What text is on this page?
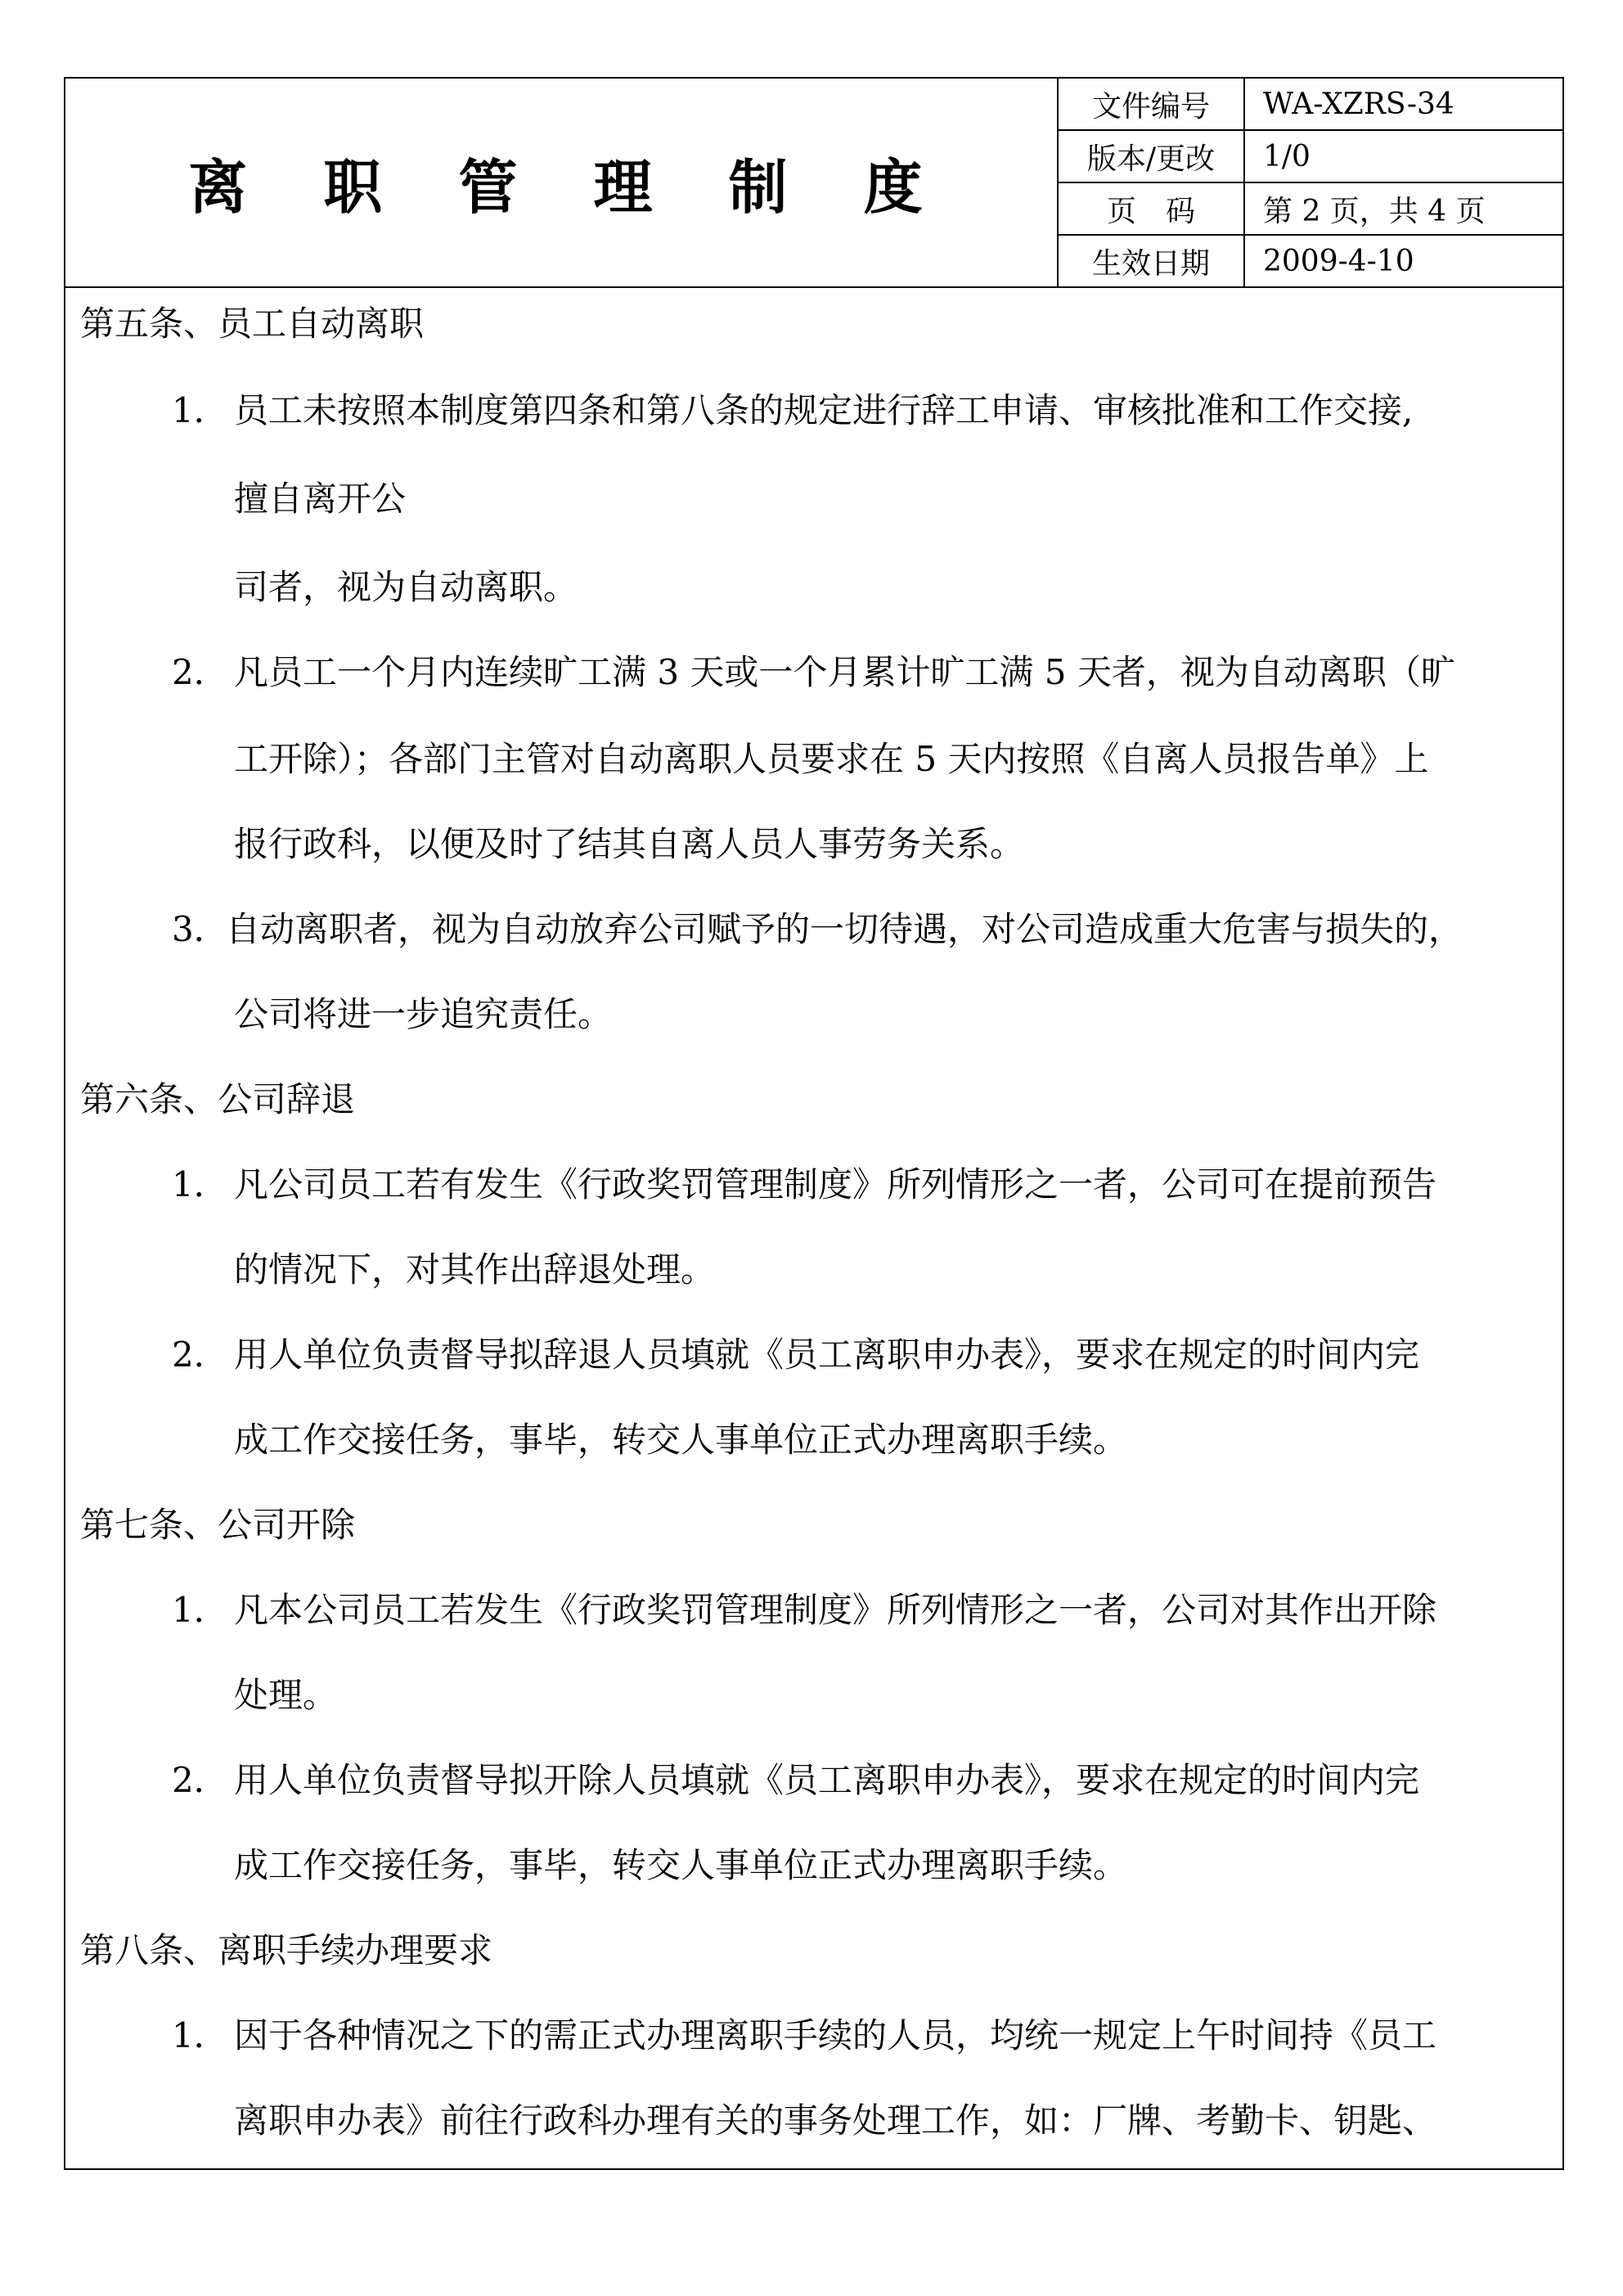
离 职 管 理 制 度
文件编号	WA-XZRS-34
版本/更改	1/0
页　码	第 2 页，共 4 页
生效日期	2009-4-10
第五条、员工自动离职
1． 员工未按照本制度第四条和第八条的规定进行辞工申请、审核批准和工作交接,
擅自离开公
司者，视为自动离职。
2． 凡员工一个月内连续旷工满 3 天或一个月累计旷工满 5 天者，视为自动离职（旷
工开除）；各部门主管对自动离职人员要求在 5 天内按照《自离人员报告单》上
报行政科，以便及时了结其自离人员人事劳务关系。
3．
自动离职者，视为自动放弃公司赋予的一切待遇，对公司造成重大危害与损失的，
公司将进一步追究责任。
第六条、公司辞退
1． 凡公司员工若有发生《行政奖罚管理制度》所列情形之一者，公司可在提前预告
的情况下，对其作出辞退处理。
2． 用人单位负责督导拟辞退人员填就《员工离职申办表》，要求在规定的时间内完
成工作交接任务，事毕，转交人事单位正式办理离职手续。
第七条、公司开除
1． 凡本公司员工若发生《行政奖罚管理制度》所列情形之一者，公司对其作出开除
处理。
2． 用人单位负责督导拟开除人员填就《员工离职申办表》，要求在规定的时间内完
成工作交接任务，事毕，转交人事单位正式办理离职手续。
第八条、离职手续办理要求
1． 因于各种情况之下的需正式办理离职手续的人员，均统一规定上午时间持《员工
离职申办表》前往行政科办理有关的事务处理工作，如：厂牌、考勤卡、钥匙、
